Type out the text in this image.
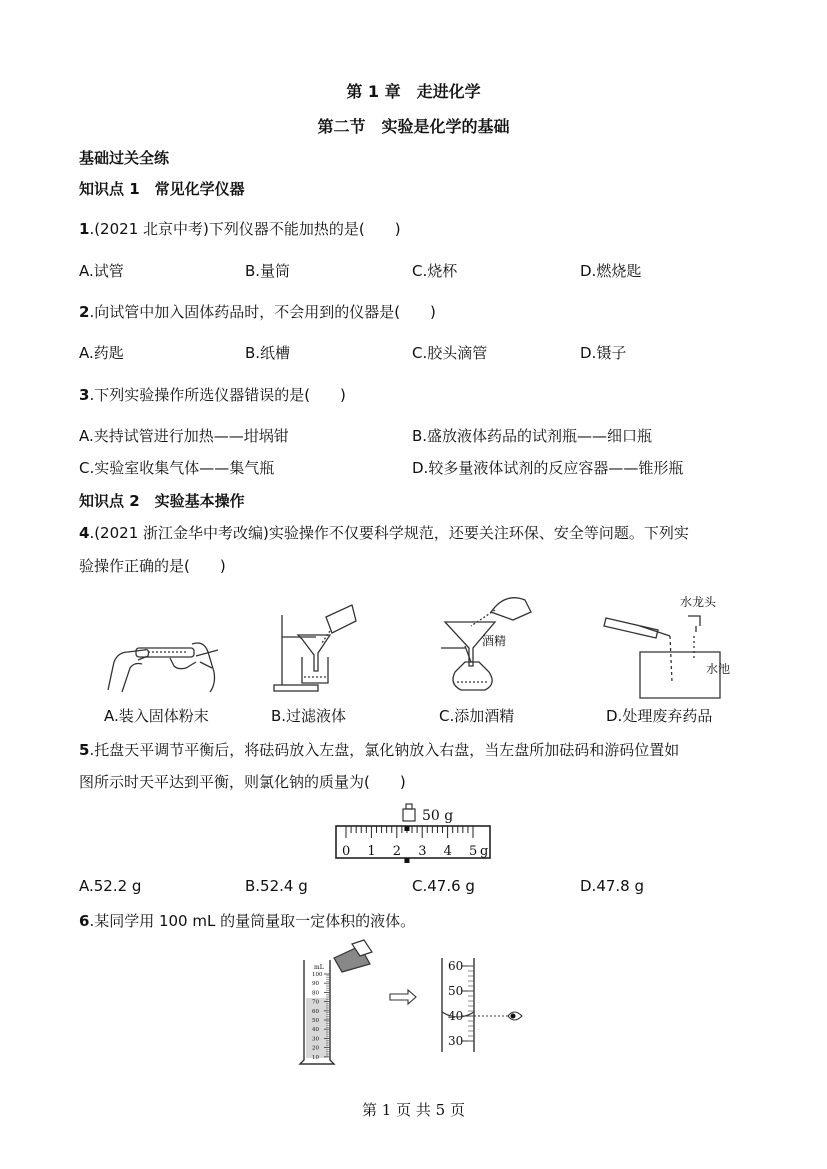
第 1 章　走进化学
第二节　实验是化学的基础
基础过关全练
知识点 1　常见化学仪器
1.(2021 北京中考)下列仪器不能加热的是(　　)
A.试管	B.量筒	C.烧杯	D.燃烧匙
2.向试管中加入固体药品时，不会用到的仪器是(　　)
A.药匙	B.纸槽	C.胶头滴管	D.镊子
3.下列实验操作所选仪器错误的是(　　)
A.夹持试管进行加热——坩埚钳	B.盛放液体药品的试剂瓶——细口瓶
C.实验室收集气体——集气瓶	D.较多量液体试剂的反应容器——锥形瓶
知识点 2　实验基本操作
4.(2021 浙江金华中考改编)实验操作不仅要科学规范，还要关注环保、安全等问题。下列实
验操作正确的是(　　)
酒精
水龙头
水池
A.装入固体粉末	B.过滤液体	C.添加酒精	D.处理废弃药品
5.托盘天平调节平衡后，将砝码放入左盘，氯化钠放入右盘，当左盘所加砝码和游码位置如
图所示时天平达到平衡，则氯化钠的质量为(　　)
50 g
0 1 2 3 4 5 g
A.52.2 g	B.52.4 g	C.47.6 g	D.47.8 g
6.某同学用 100 mL 的量筒量取一定体积的液体。
100
90
80
70
60
50
40
30
20
10
mL	60
50
40
30
第 1 页 共 5 页
